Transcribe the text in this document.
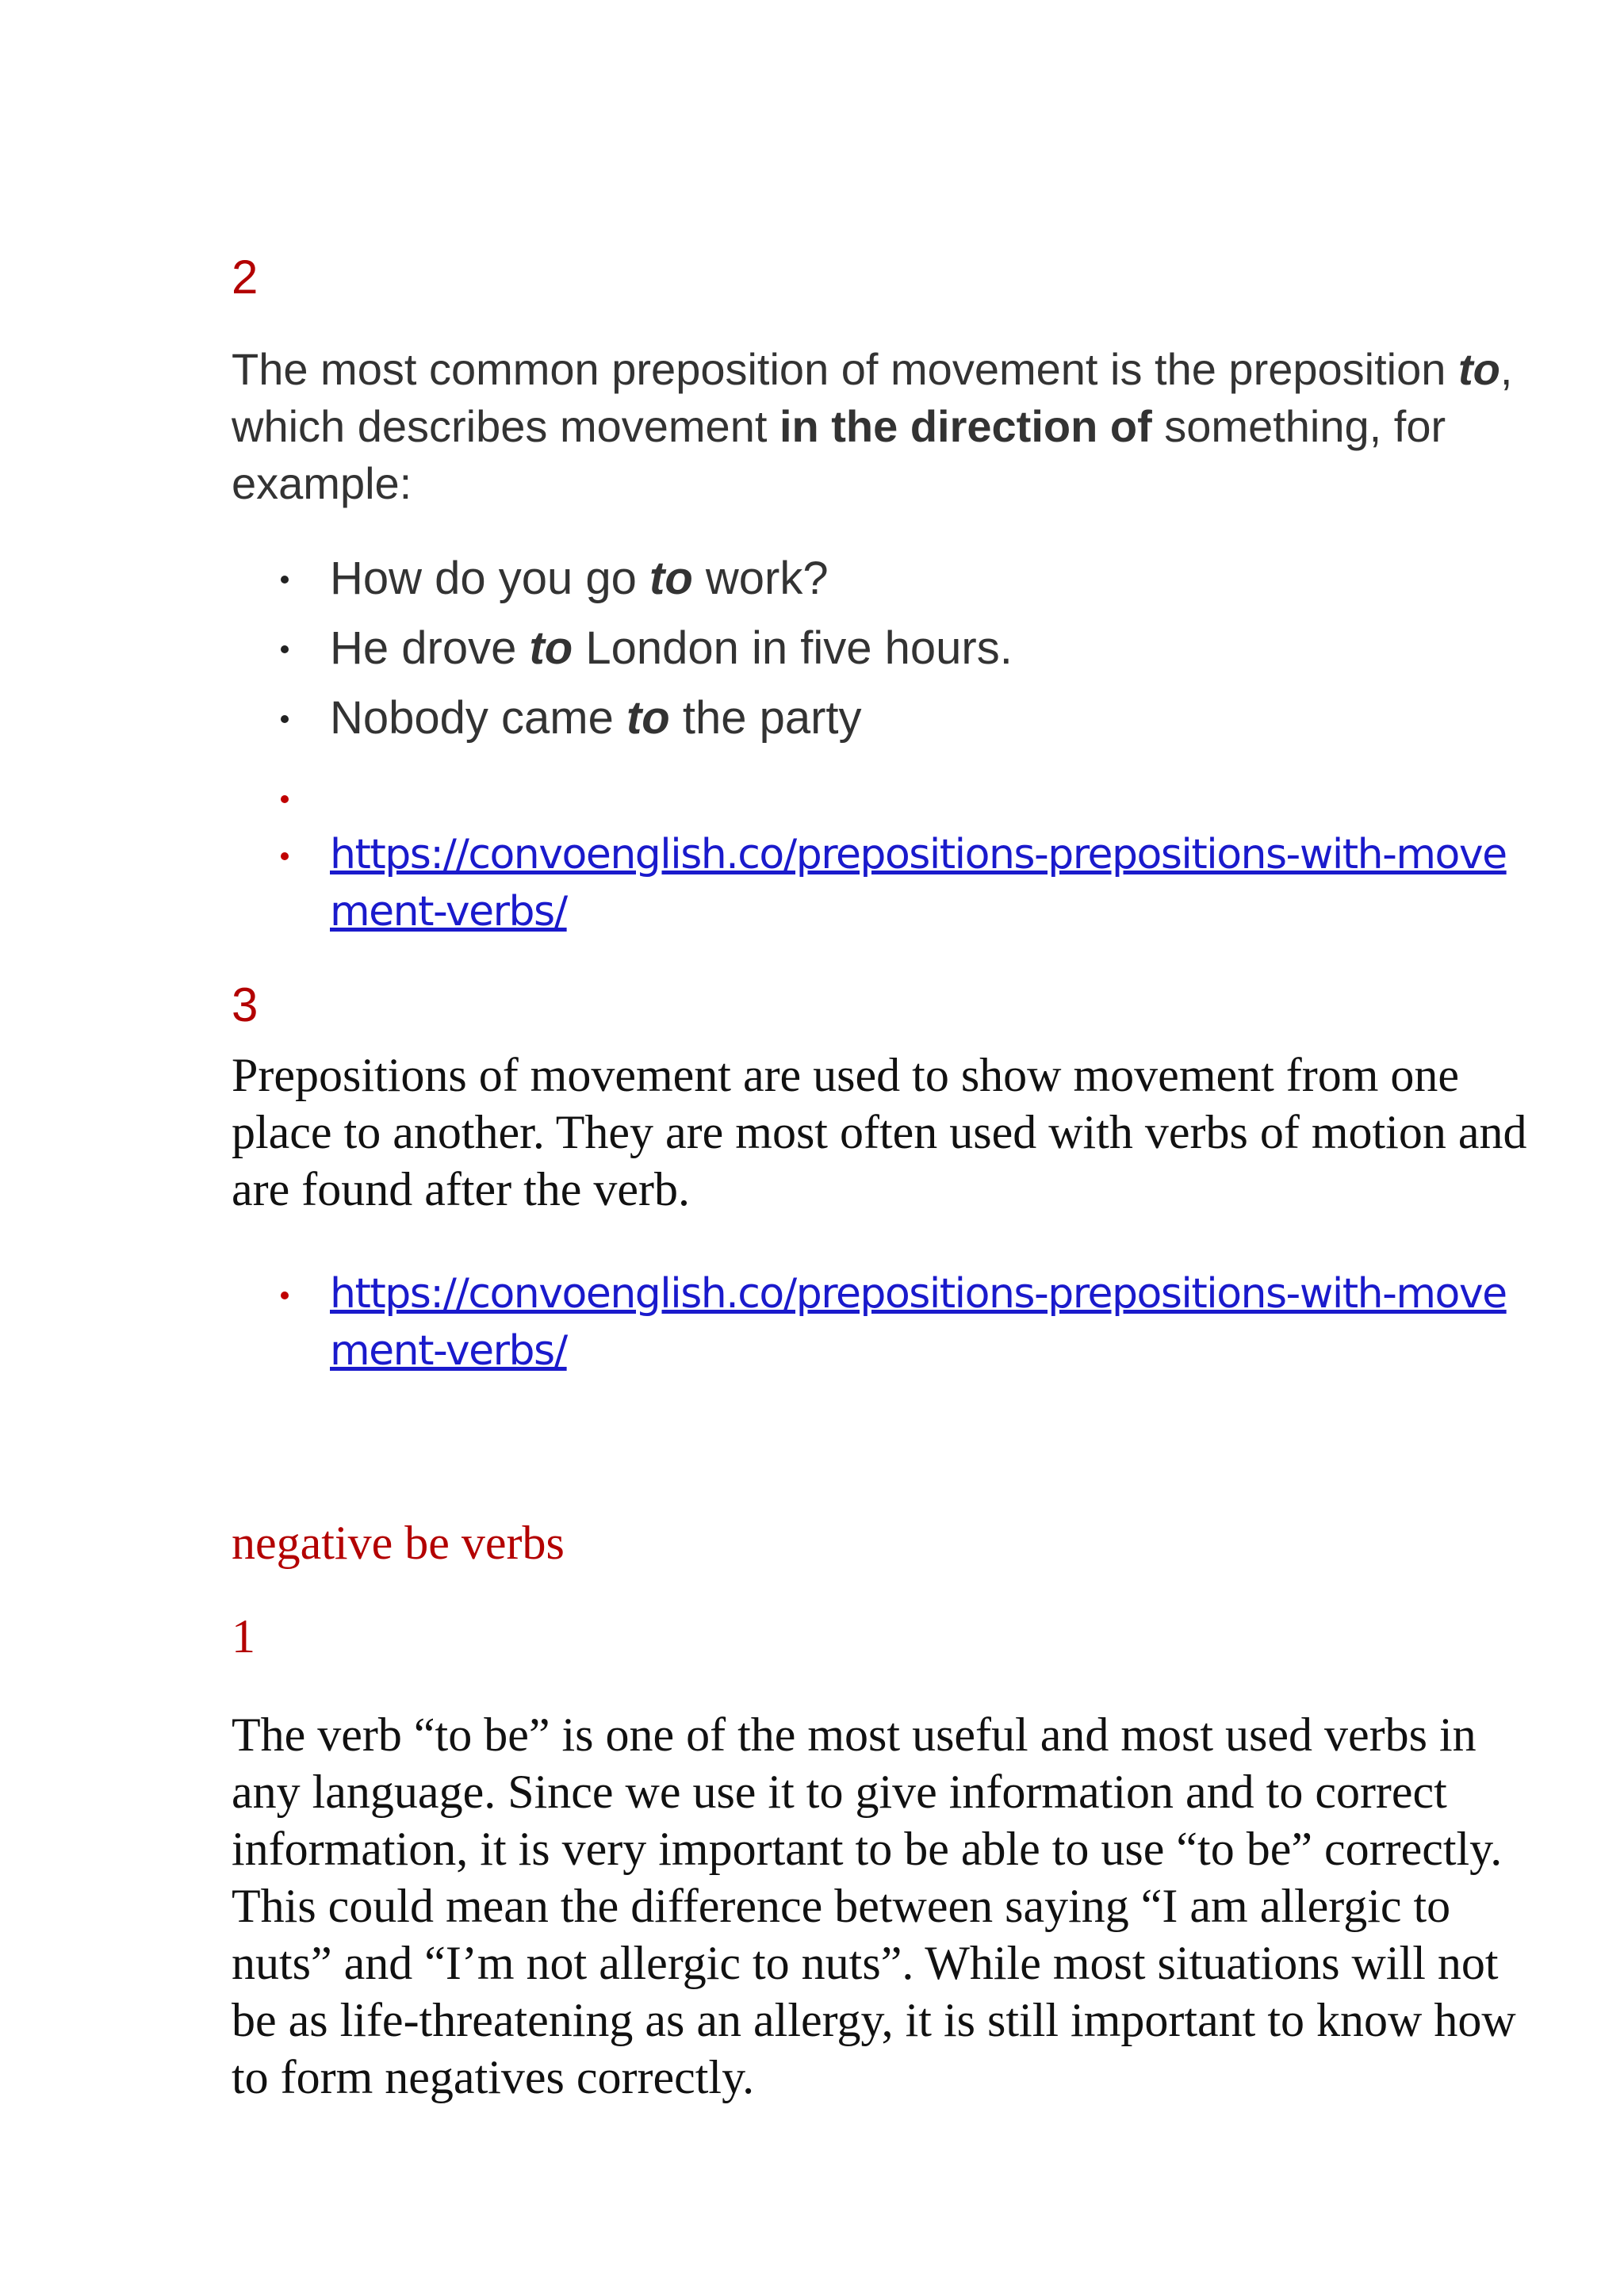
2
The most common preposition of movement is the preposition to, which describes movement in the direction of something, for example:
How do you go to work?
He drove to London in five hours.
Nobody came to the party
https://convoenglish.co/prepositions-prepositions-with-movement-verbs/
3
Prepositions of movement are used to show movement from one place to another. They are most often used with verbs of motion and are found after the verb.
https://convoenglish.co/prepositions-prepositions-with-movement-verbs/
negative be verbs
1
The verb “to be” is one of the most useful and most used verbs in any language. Since we use it to give information and to correct information, it is very important to be able to use “to be” correctly. This could mean the difference between saying “I am allergic to nuts” and “I’m not allergic to nuts”. While most situations will not be as life-threatening as an allergy, it is still important to know how to form negatives correctly.
